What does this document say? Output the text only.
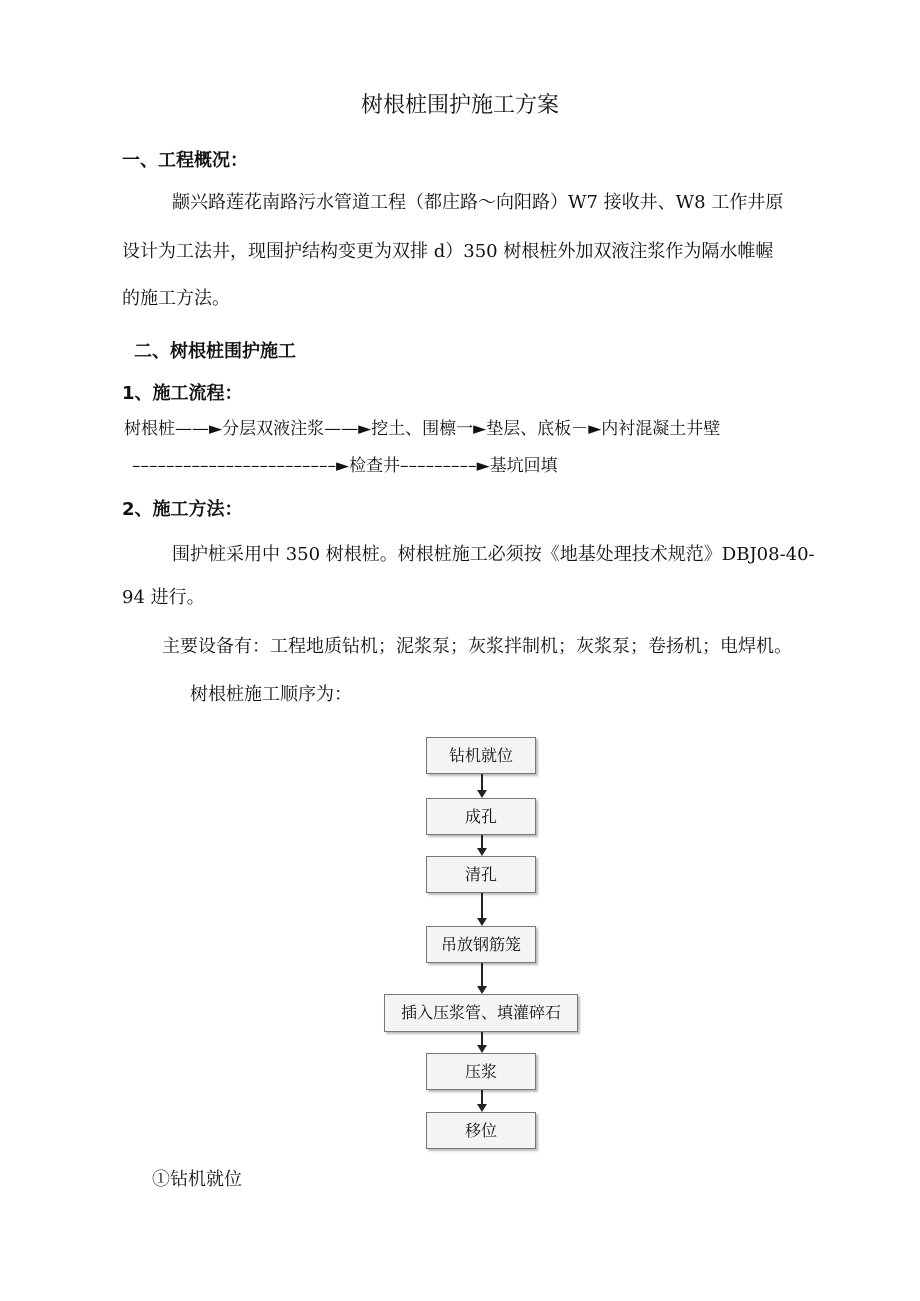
树根桩围护施工方案
一、工程概况：
颛兴路莲花南路污水管道工程（都庄路～向阳路）W7 接收井、W8 工作井原
设计为工法井，现围护结构变更为双排 d）350 树根桩外加双液注浆作为隔水帷幄
的施工方法。
二、树根桩围护施工
1、施工流程：
树根桩——►分层双液注浆——►挖土、围檩一►垫层、底板－►内衬混凝土井壁
––––––––––––––––––––––––►检查井–––––––––►基坑回填
2、施工方法：
围护桩采用中 350 树根桩。树根桩施工必须按《地基处理技术规范》DBJ08-40-
94 进行。
主要设备有：工程地质钻机；泥浆泵；灰浆拌制机；灰浆泵；卷扬机；电焊机。
树根桩施工顺序为：
钻机就位
成孔
清孔
吊放钢筋笼
插入压浆管、填灌碎石
压浆
移位
①钻机就位
